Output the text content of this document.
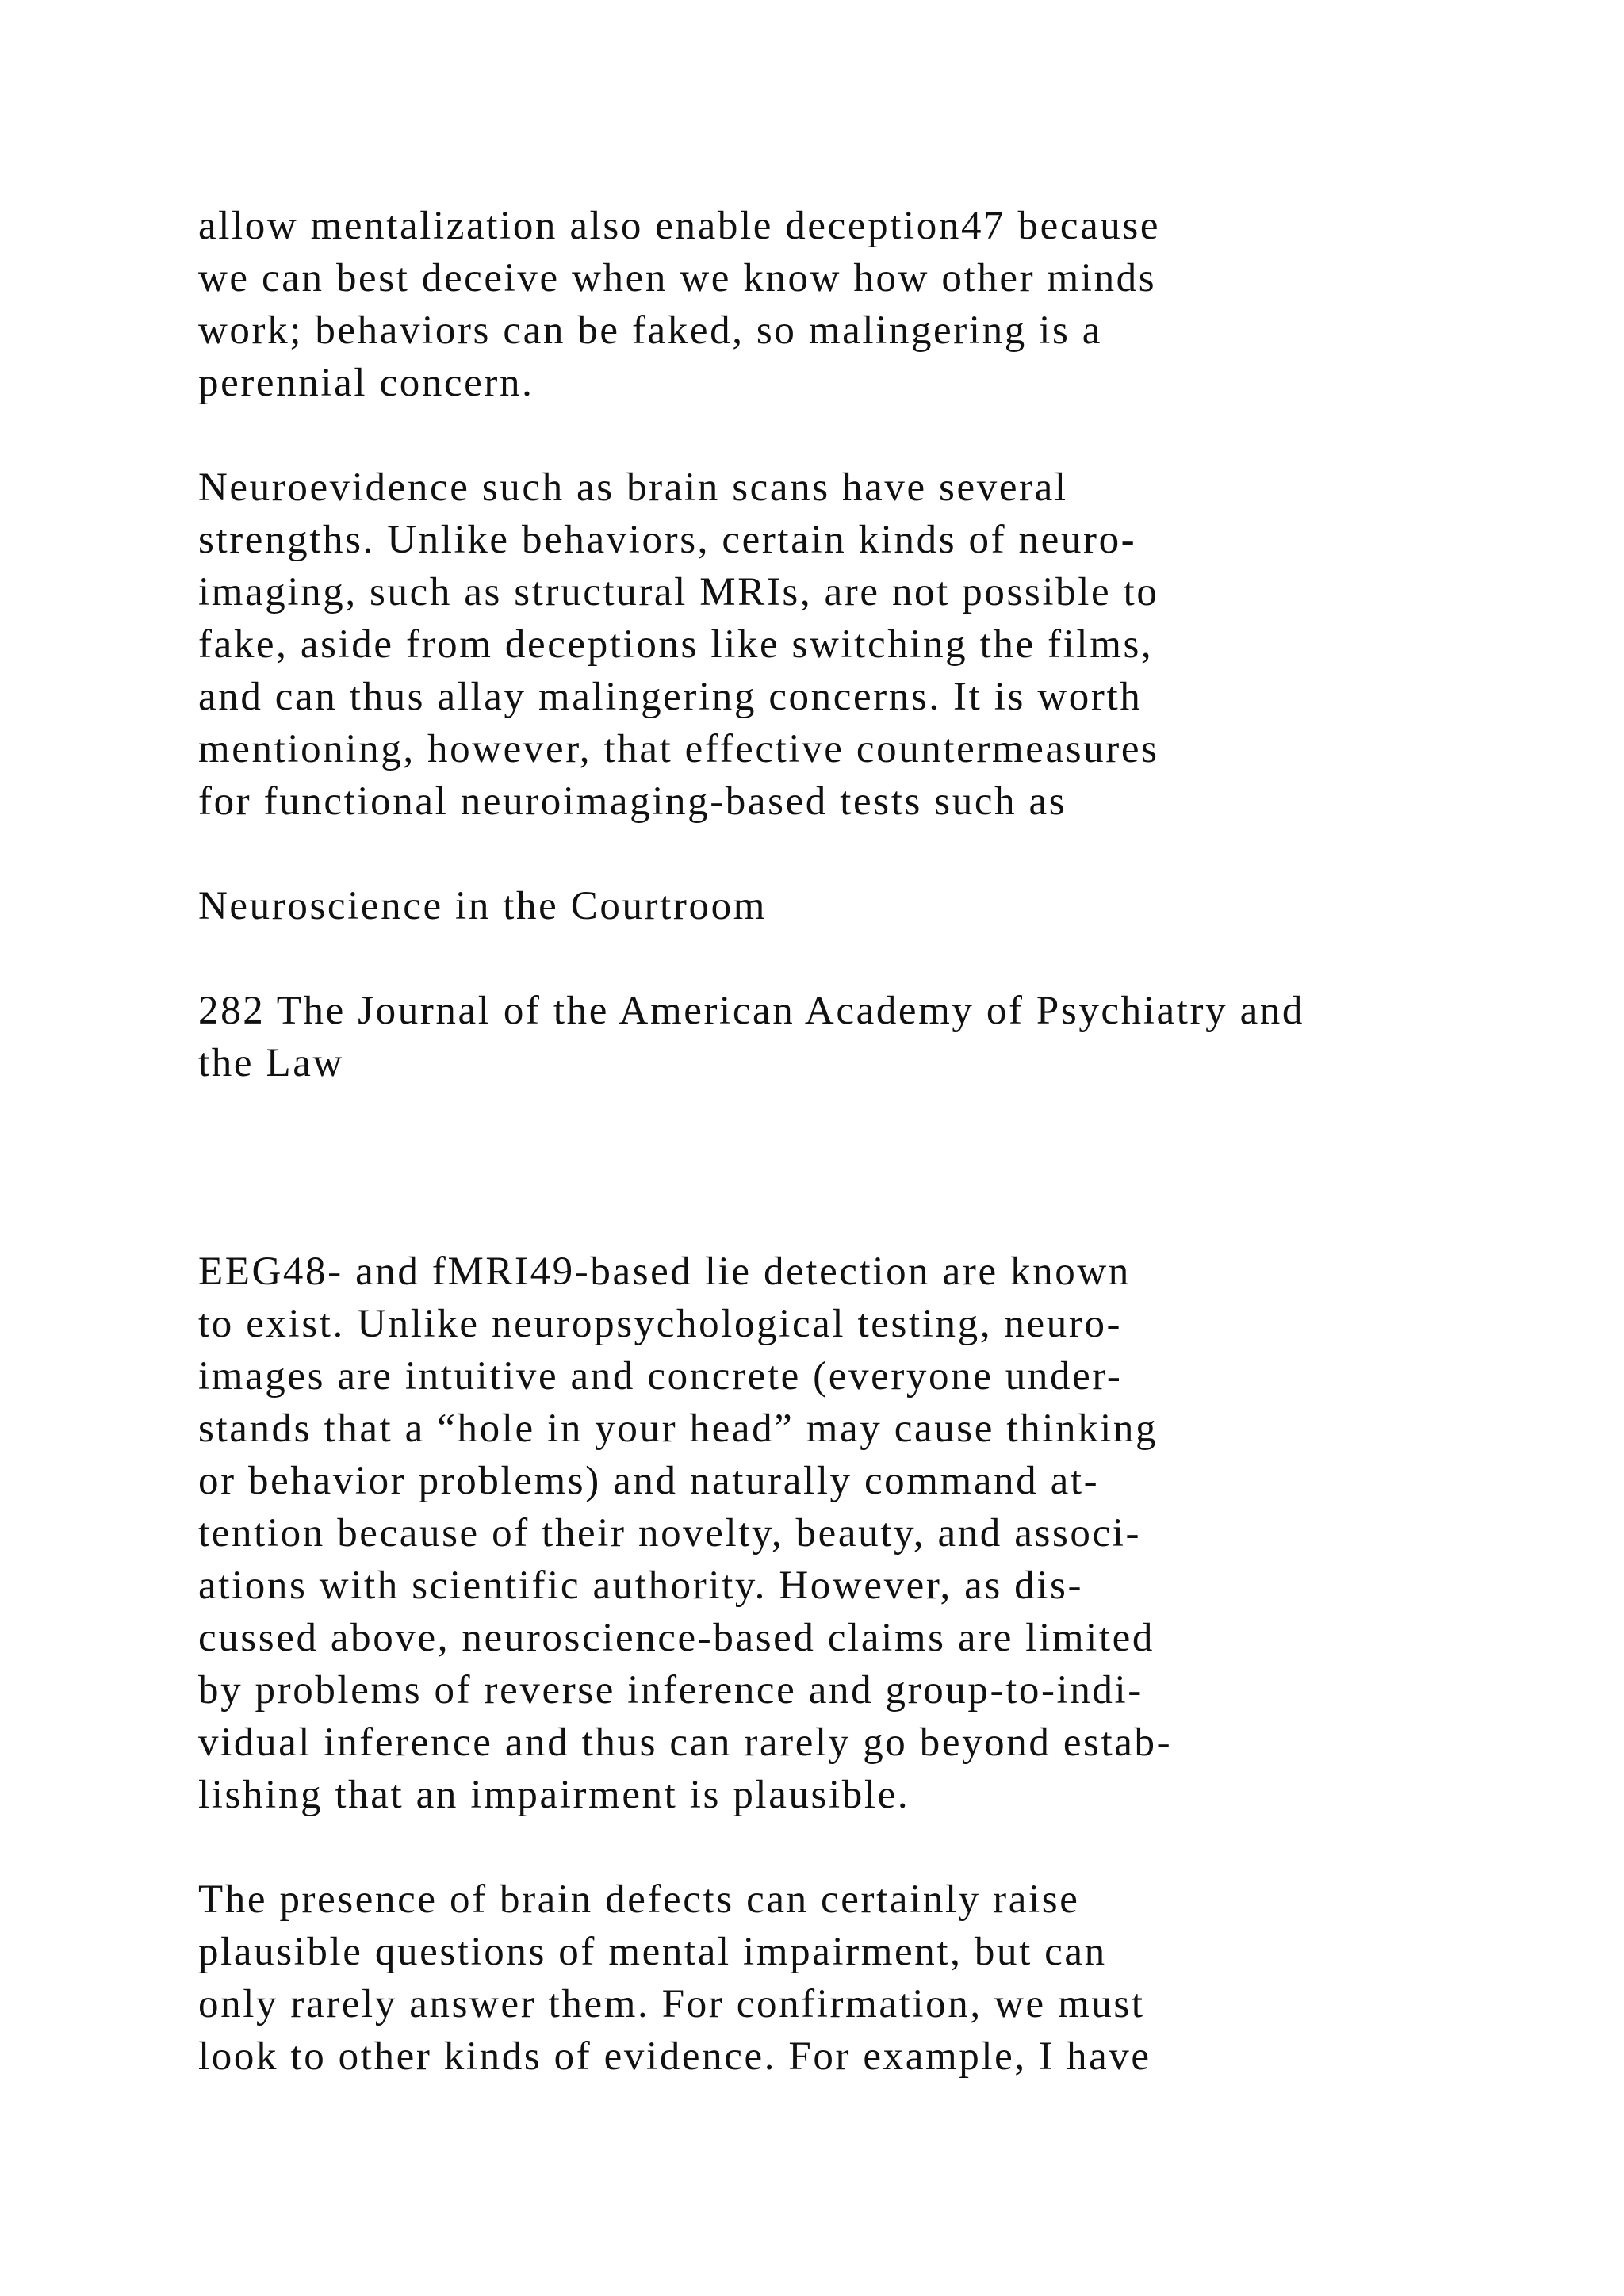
allow mentalization also enable deception47 because

we can best deceive when we know how other minds

work; behaviors can be faked, so malingering is a

perennial concern.

Neuroevidence such as brain scans have several

strengths. Unlike behaviors, certain kinds of neuro-

imaging, such as structural MRIs, are not possible to

fake, aside from deceptions like switching the films,

and can thus allay malingering concerns. It is worth

mentioning, however, that effective countermeasures

for functional neuroimaging-based tests such as

Neuroscience in the Courtroom

282 The Journal of the American Academy of Psychiatry and

the Law

EEG48- and fMRI49-based lie detection are known

to exist. Unlike neuropsychological testing, neuro-

images are intuitive and concrete (everyone under-

stands that a “hole in your head” may cause thinking

or behavior problems) and naturally command at-

tention because of their novelty, beauty, and associ-

ations with scientific authority. However, as dis-

cussed above, neuroscience-based claims are limited

by problems of reverse inference and group-to-indi-

vidual inference and thus can rarely go beyond estab-

lishing that an impairment is plausible.

The presence of brain defects can certainly raise

plausible questions of mental impairment, but can

only rarely answer them. For confirmation, we must

look to other kinds of evidence. For example, I have
